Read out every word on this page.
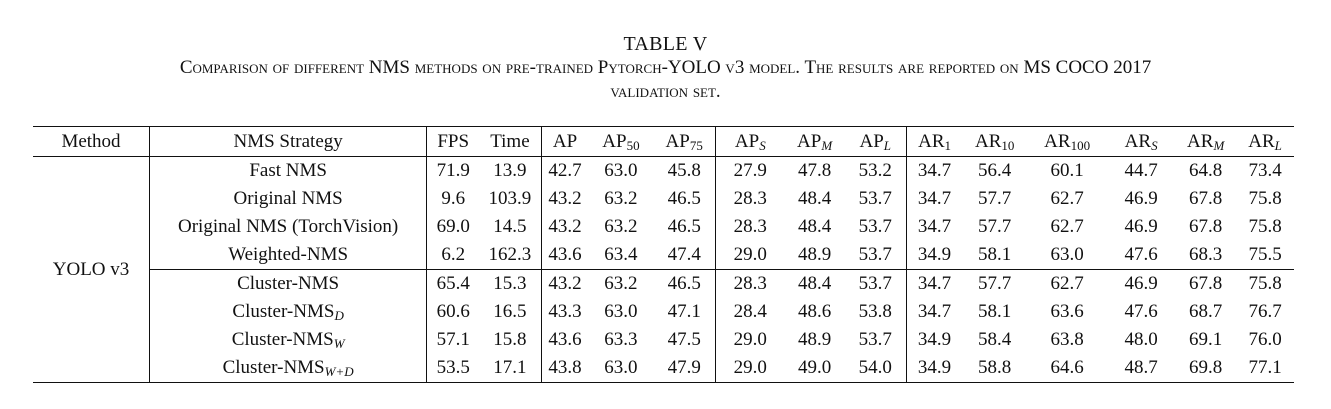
TABLE V
Comparison of different NMS methods on pre-trained Pytorch-YOLO v3 model. The results are reported on MS COCO 2017
validation set.
Method	NMS Strategy	FPS	Time	AP	$AP_{50}$	$AP_{75}$	$AP_S$	$AP_M$	$AP_L$	$AR_1$	$AR_{10}$	$AR_{100}$	$AR_S$	$AR_M$	$AR_L$
YOLO v3	Fast NMS	71.9	13.9	42.7	63.0	45.8	27.9	47.8	53.2	34.7	56.4	60.1	44.7	64.8	73.4
	Original NMS	9.6	103.9	43.2	63.2	46.5	28.3	48.4	53.7	34.7	57.7	62.7	46.9	67.8	75.8
	Original NMS (TorchVision)	69.0	14.5	43.2	63.2	46.5	28.3	48.4	53.7	34.7	57.7	62.7	46.9	67.8	75.8
	Weighted-NMS	6.2	162.3	43.6	63.4	47.4	29.0	48.9	53.7	34.9	58.1	63.0	47.6	68.3	75.5
	Cluster-NMS	65.4	15.3	43.2	63.2	46.5	28.3	48.4	53.7	34.7	57.7	62.7	46.9	67.8	75.8
	Cluster-$NMS_D$	60.6	16.5	43.3	63.0	47.1	28.4	48.6	53.8	34.7	58.1	63.6	47.6	68.7	76.7
	Cluster-$NMS_W$	57.1	15.8	43.6	63.3	47.5	29.0	48.9	53.7	34.9	58.4	63.8	48.0	69.1	76.0
	Cluster-$NMS_{W+D}$	53.5	17.1	43.8	63.0	47.9	29.0	49.0	54.0	34.9	58.8	64.6	48.7	69.8	77.1
